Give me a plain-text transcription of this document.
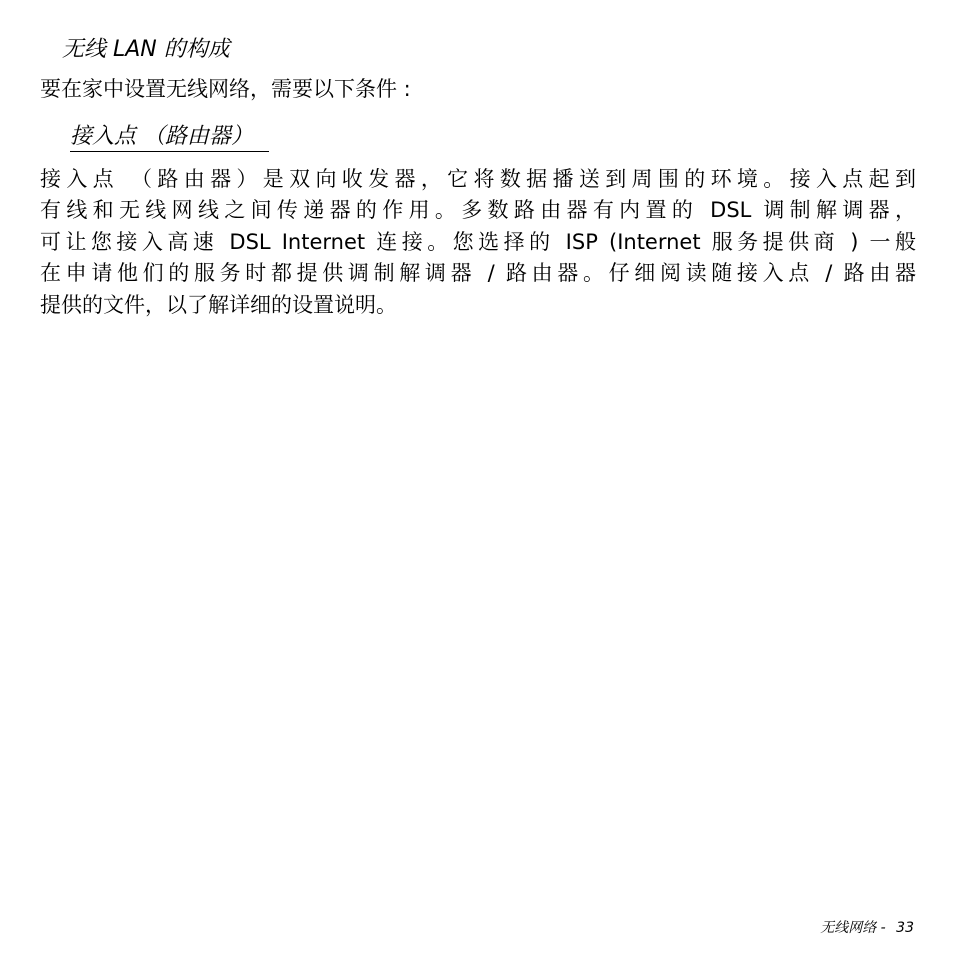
无线 LAN 的构成
要在家中设置无线网络，需要以下条件 :
接入点 （路由器）

接入点 （路由器）是双向收发器，它将数据播送到周围的环境。接入点起到
有线和无线网线之间传递器的作用。多数路由器有内置的 DSL 调制解调器，
可让您接入高速 DSL Internet 连接。您选择的 ISP (Internet 服务提供商 ) 一般
在申请他们的服务时都提供调制解调器 / 路由器。仔细阅读随接入点 / 路由器
提供的文件，以了解详细的设置说明。

无线网络 - 33
